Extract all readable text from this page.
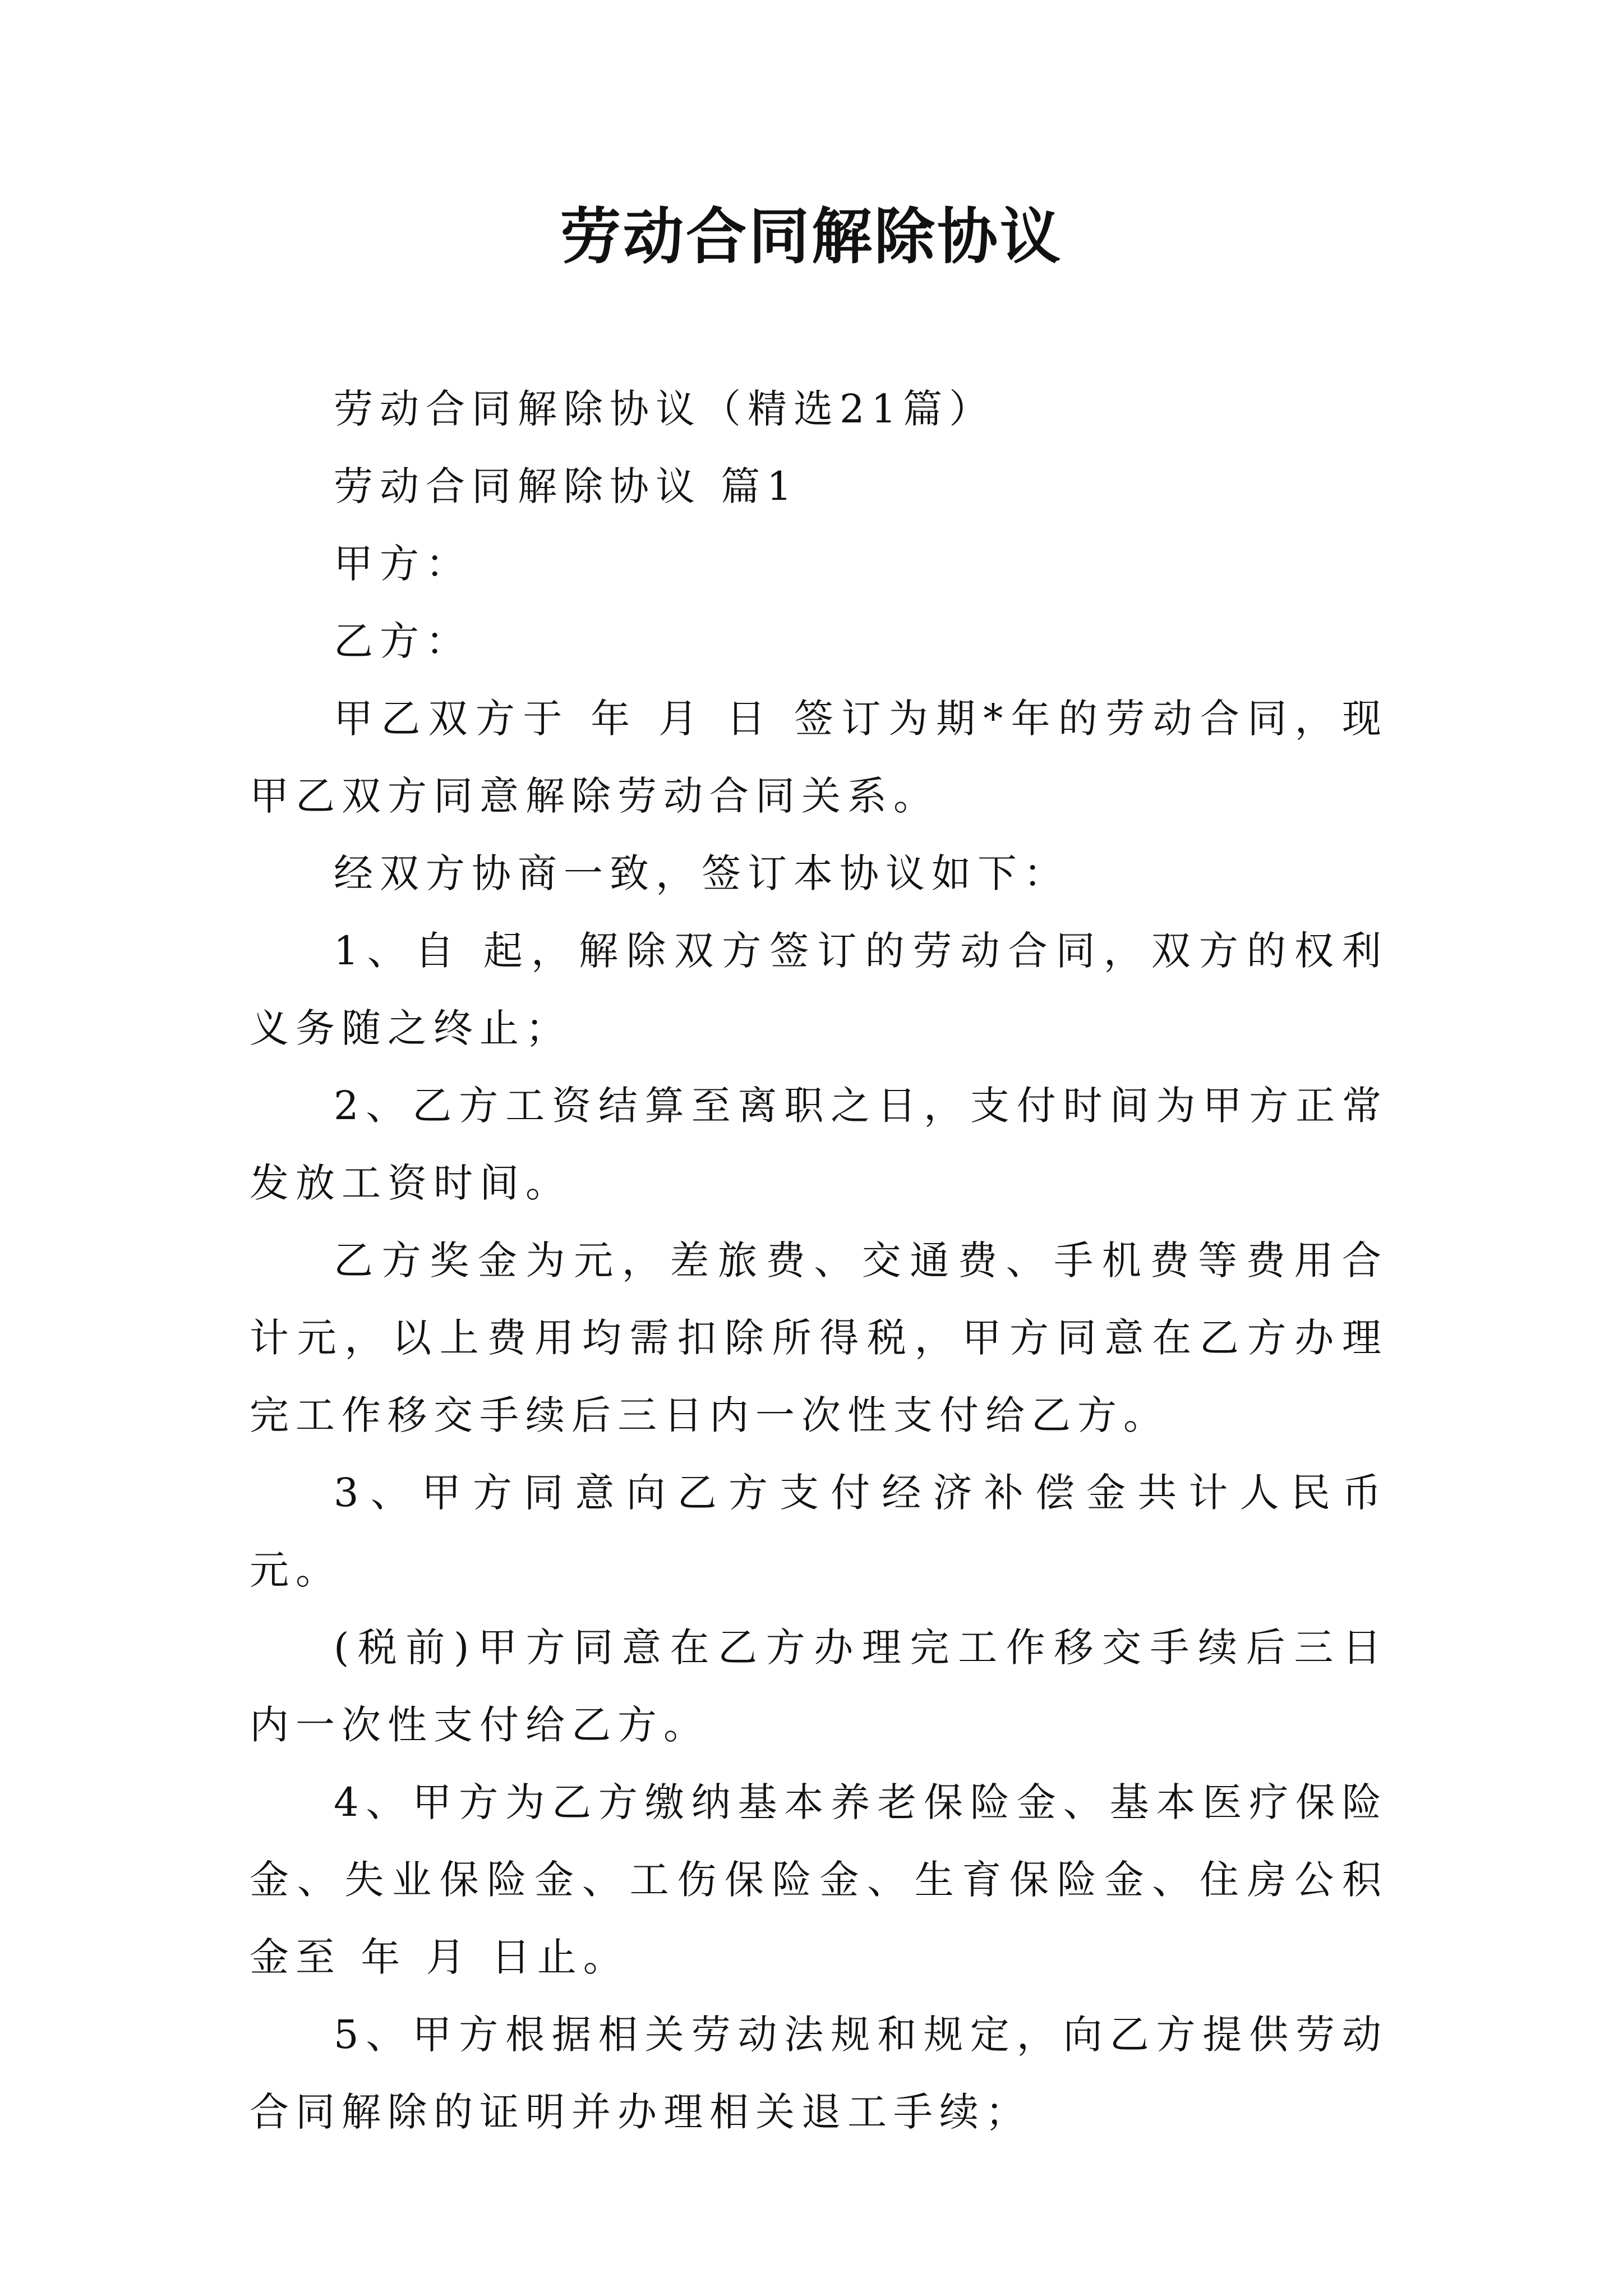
劳动合同解除协议

劳动合同解除协议（精选21篇）

劳动合同解除协议 篇1

甲方：

乙方：

甲乙双方于 年 月 日 签订为期*年的劳动合同，现甲乙双方同意解除劳动合同关系。

经双方协商一致，签订本协议如下：

1、自 起，解除双方签订的劳动合同，双方的权利义务随之终止；

2、乙方工资结算至离职之日，支付时间为甲方正常发放工资时间。

乙方奖金为元，差旅费、交通费、手机费等费用合计元，以上费用均需扣除所得税，甲方同意在乙方办理完工作移交手续后三日内一次性支付给乙方。

3、甲方同意向乙方支付经济补偿金共计人民币 元。

(税前)甲方同意在乙方办理完工作移交手续后三日内一次性支付给乙方。

4、甲方为乙方缴纳基本养老保险金、基本医疗保险金、失业保险金、工伤保险金、生育保险金、住房公积金至 年 月 日止。

5、甲方根据相关劳动法规和规定，向乙方提供劳动合同解除的证明并办理相关退工手续；
